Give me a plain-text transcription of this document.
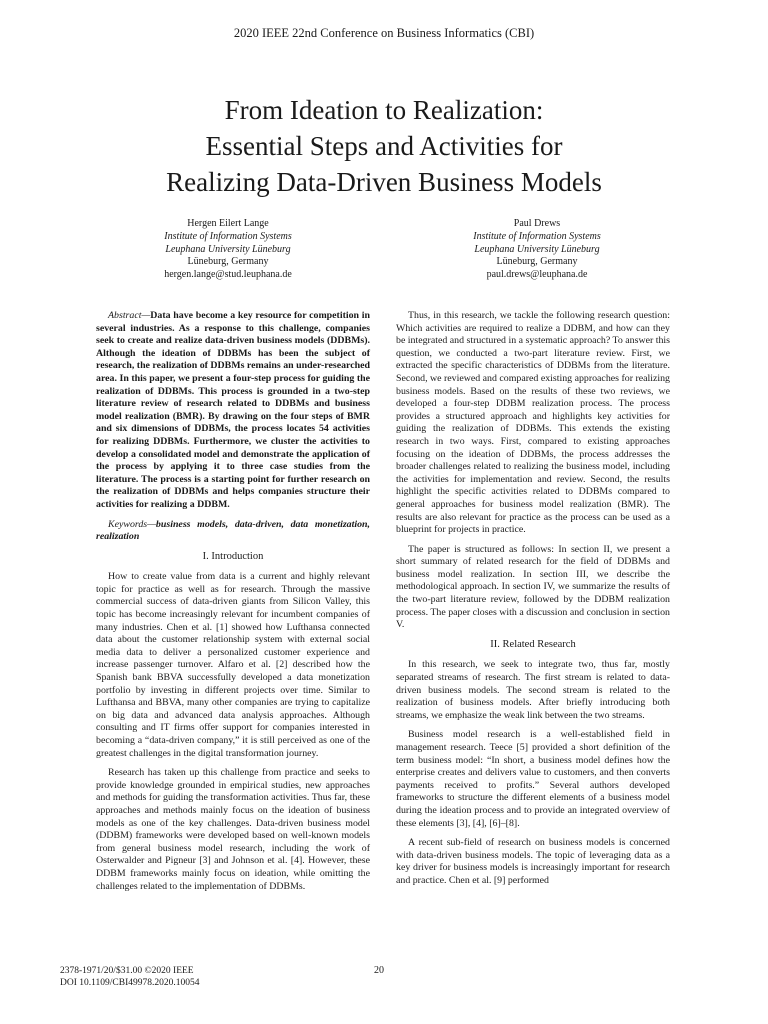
2020 IEEE 22nd Conference on Business Informatics (CBI)
From Ideation to Realization:
Essential Steps and Activities for
Realizing Data-Driven Business Models
Hergen Eilert Lange
Institute of Information Systems
Leuphana University Lüneburg
Lüneburg, Germany
hergen.lange@stud.leuphana.de
Paul Drews
Institute of Information Systems
Leuphana University Lüneburg
Lüneburg, Germany
paul.drews@leuphana.de

Abstract—Data have become a key resource for competition in several industries. As a response to this challenge, companies seek to create and realize data-driven business models (DDBMs). Although the ideation of DDBMs has been the subject of research, the realization of DDBMs remains an under-researched area. In this paper, we present a four-step process for guiding the realization of DDBMs. This process is grounded in a two-step literature review of research related to DDBMs and business model realization (BMR). By drawing on the four steps of BMR and six dimensions of DDBMs, the process locates 54 activities for realizing DDBMs. Furthermore, we cluster the activities to develop a consolidated model and demonstrate the application of the process by applying it to three case studies from the literature. The process is a starting point for further research on the realization of DDBMs and helps companies structure their activities for realizing a DDBM.

Keywords—business models, data-driven, data monetization, realization

I. Introduction

How to create value from data is a current and highly relevant topic for practice as well as for research. Through the massive commercial success of data-driven giants from Silicon Valley, this topic has become increasingly relevant for incumbent companies of many industries. Chen et al. [1] showed how Lufthansa connected data about the customer relationship system with external social media data to deliver a personalized customer experience and increase passenger turnover. Alfaro et al. [2] described how the Spanish bank BBVA successfully developed a data monetization portfolio by investing in different projects over time. Similar to Lufthansa and BBVA, many other companies are trying to capitalize on big data and advanced data analysis approaches. Although consulting and IT firms offer support for companies interested in becoming a “data-driven company,” it is still perceived as one of the greatest challenges in the digital transformation journey.

Research has taken up this challenge from practice and seeks to provide knowledge grounded in empirical studies, new approaches and methods for guiding the transformation activities. Thus far, these approaches and methods mainly focus on the ideation of business models as one of the key challenges. Data-driven business model (DDBM) frameworks were developed based on well-known models from general business model research, including the work of Osterwalder and Pigneur [3] and Johnson et al. [4]. However, these DDBM frameworks mainly focus on ideation, while omitting the challenges related to the implementation of DDBMs.

Thus, in this research, we tackle the following research question: Which activities are required to realize a DDBM, and how can they be integrated and structured in a systematic approach? To answer this question, we conducted a two-part literature review. First, we extracted the specific characteristics of DDBMs from the literature. Second, we reviewed and compared existing approaches for realizing business models. Based on the results of these two reviews, we developed a four-step DDBM realization process. The process provides a structured approach and highlights key activities for guiding the realization of DDBMs. This extends the existing research in two ways. First, compared to existing approaches focusing on the ideation of DDBMs, the process addresses the broader challenges related to realizing the business model, including the activities for implementation and review. Second, the results highlight the specific activities related to DDBMs compared to general approaches for business model realization (BMR). The results are also relevant for practice as the process can be used as a blueprint for projects in practice.

The paper is structured as follows: In section II, we present a short summary of related research for the field of DDBMs and business model realization. In section III, we describe the methodological approach. In section IV, we summarize the results of the two-part literature review, followed by the DDBM realization process. The paper closes with a discussion and conclusion in section V.

II. Related Research

In this research, we seek to integrate two, thus far, mostly separated streams of research. The first stream is related to data-driven business models. The second stream is related to the realization of business models. After briefly introducing both streams, we emphasize the weak link between the two streams.

Business model research is a well-established field in management research. Teece [5] provided a short definition of the term business model: “In short, a business model defines how the enterprise creates and delivers value to customers, and then converts payments received to profits.” Several authors developed frameworks to structure the different elements of a business model during the ideation process and to provide an integrated overview of these elements [3], [4], [6]–[8].

A recent sub-field of research on business models is concerned with data-driven business models. The topic of leveraging data as a key driver for business models is increasingly important for research and practice. Chen et al. [9] performed

2378-1971/20/$31.00 ©2020 IEEE
DOI 10.1109/CBI49978.2020.10054
20
